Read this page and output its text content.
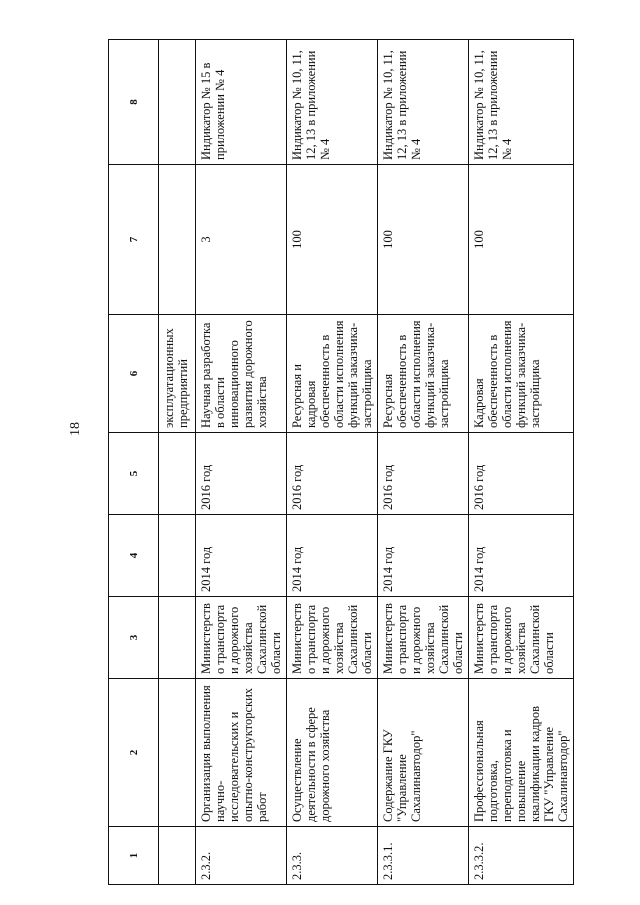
18
1	2	3	4	5	6	7	8
					эксплуатационных предприятий		
2.3.2.	Организация выполнения научно-исследовательских и опытно-конструкторских работ	Министерство транспорта и дорожного хозяйства Сахалинской области	2014 год	2016 год	Научная разработка в области инновационного развития дорожного хозяйства	3	Индикатор № 15 в приложении № 4
2.3.3.	Осуществление деятельности в сфере дорожного хозяйства	Министерство транспорта и дорожного хозяйства Сахалинской области	2014 год	2016 год	Ресурсная и кадровая обеспеченность в области исполнения функций заказчика-застройщика	100	Индикатор № 10, 11, 12, 13 в приложении № 4
2.3.3.1.	Содержание ГКУ "Управление Сахалинавтодор"	Министерство транспорта и дорожного хозяйства Сахалинской области	2014 год	2016 год	Ресурсная обеспеченность в области исполнения функций заказчика-застройщика	100	Индикатор № 10, 11, 12, 13 в приложении № 4
2.3.3.2.	Профессиональная подготовка, переподготовка и повышение квалификации кадров ГКУ "Управление Сахалинавтодор"	Министерство транспорта и дорожного хозяйства Сахалинской области	2014 год	2016 год	Кадровая обеспеченность в области исполнения функций заказчика-застройщика	100	Индикатор № 10, 11, 12, 13 в приложении № 4
